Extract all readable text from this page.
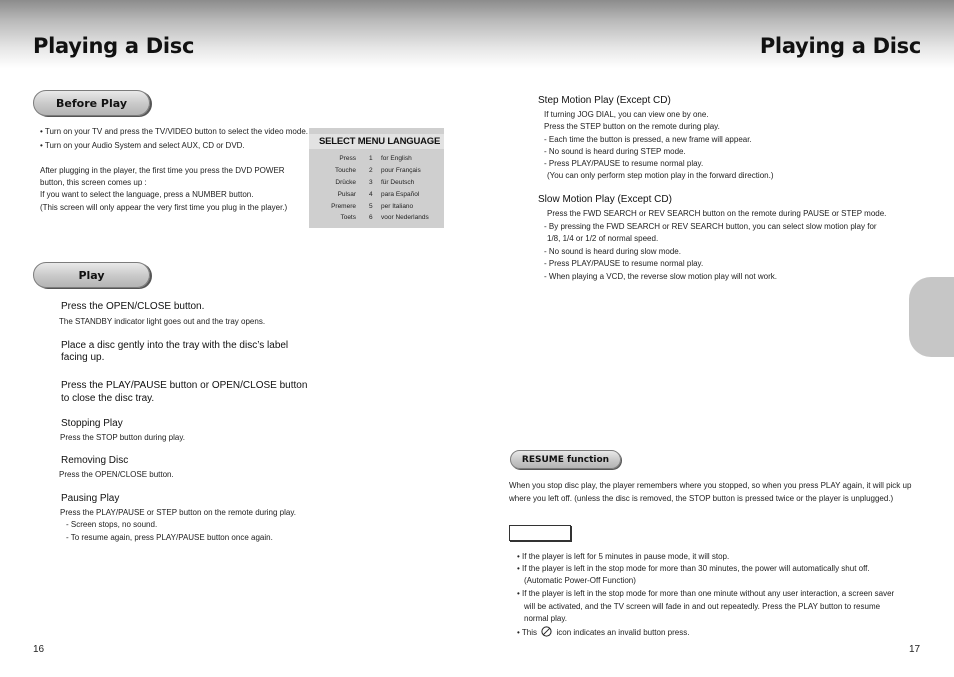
Playing a Disc	Playing a Disc
Before Play
• Turn on your TV and press the TV/VIDEO button to select the video mode.
• Turn on your Audio System and select AUX, CD or DVD.
After plugging in the player, the first time you press the DVD POWER
button, this screen comes up :
If you want to select the language, press a NUMBER button.
(This screen will only appear the very first time you plug in the player.)
SELECT MENU LANGUAGE
Press 1 for English
Touche 2 pour Français
Drücke 3 für Deutsch
Pulsar 4 para Español
Premere 5 per Italiano
Toets 6 voor Nederlands
Play
Press the OPEN/CLOSE button.
The STANDBY indicator light goes out and the tray opens.
Place a disc gently into the tray with the disc’s label
facing up.
Press the PLAY/PAUSE button or OPEN/CLOSE button
to close the disc tray.
Stopping Play
Press the STOP button during play.
Removing Disc
Press the OPEN/CLOSE button.
Pausing Play
Press the PLAY/PAUSE or STEP button on the remote during play.
- Screen stops, no sound.
- To resume again, press PLAY/PAUSE button once again.
16
Step Motion Play (Except CD)
If turning JOG DIAL, you can view one by one.
Press the STEP button on the remote during play.
- Each time the button is pressed, a new frame will appear.
- No sound is heard during STEP mode.
- Press PLAY/PAUSE to resume normal play.
(You can only perform step motion play in the forward direction.)
Slow Motion Play (Except CD)
Press the FWD SEARCH or REV SEARCH button on the remote during PAUSE or STEP mode.
- By pressing the FWD SEARCH or REV SEARCH button, you can select slow motion play for
1/8, 1/4 or 1/2 of normal speed.
- No sound is heard during slow mode.
- Press PLAY/PAUSE to resume normal play.
- When playing a VCD, the reverse slow motion play will not work.
RESUME function
When you stop disc play, the player remembers where you stopped, so when you press PLAY again, it will pick up
where you left off. (unless the disc is removed, the STOP button is pressed twice or the player is unplugged.)
• If the player is left for 5 minutes in pause mode, it will stop.
• If the player is left in the stop mode for more than 30 minutes, the power will automatically shut off.
(Automatic Power-Off Function)
• If the player is left in the stop mode for more than one minute without any user interaction, a screen saver
will be activated, and the TV screen will fade in and out repeatedly. Press the PLAY button to resume
normal play.
• This icon indicates an invalid button press.
17
